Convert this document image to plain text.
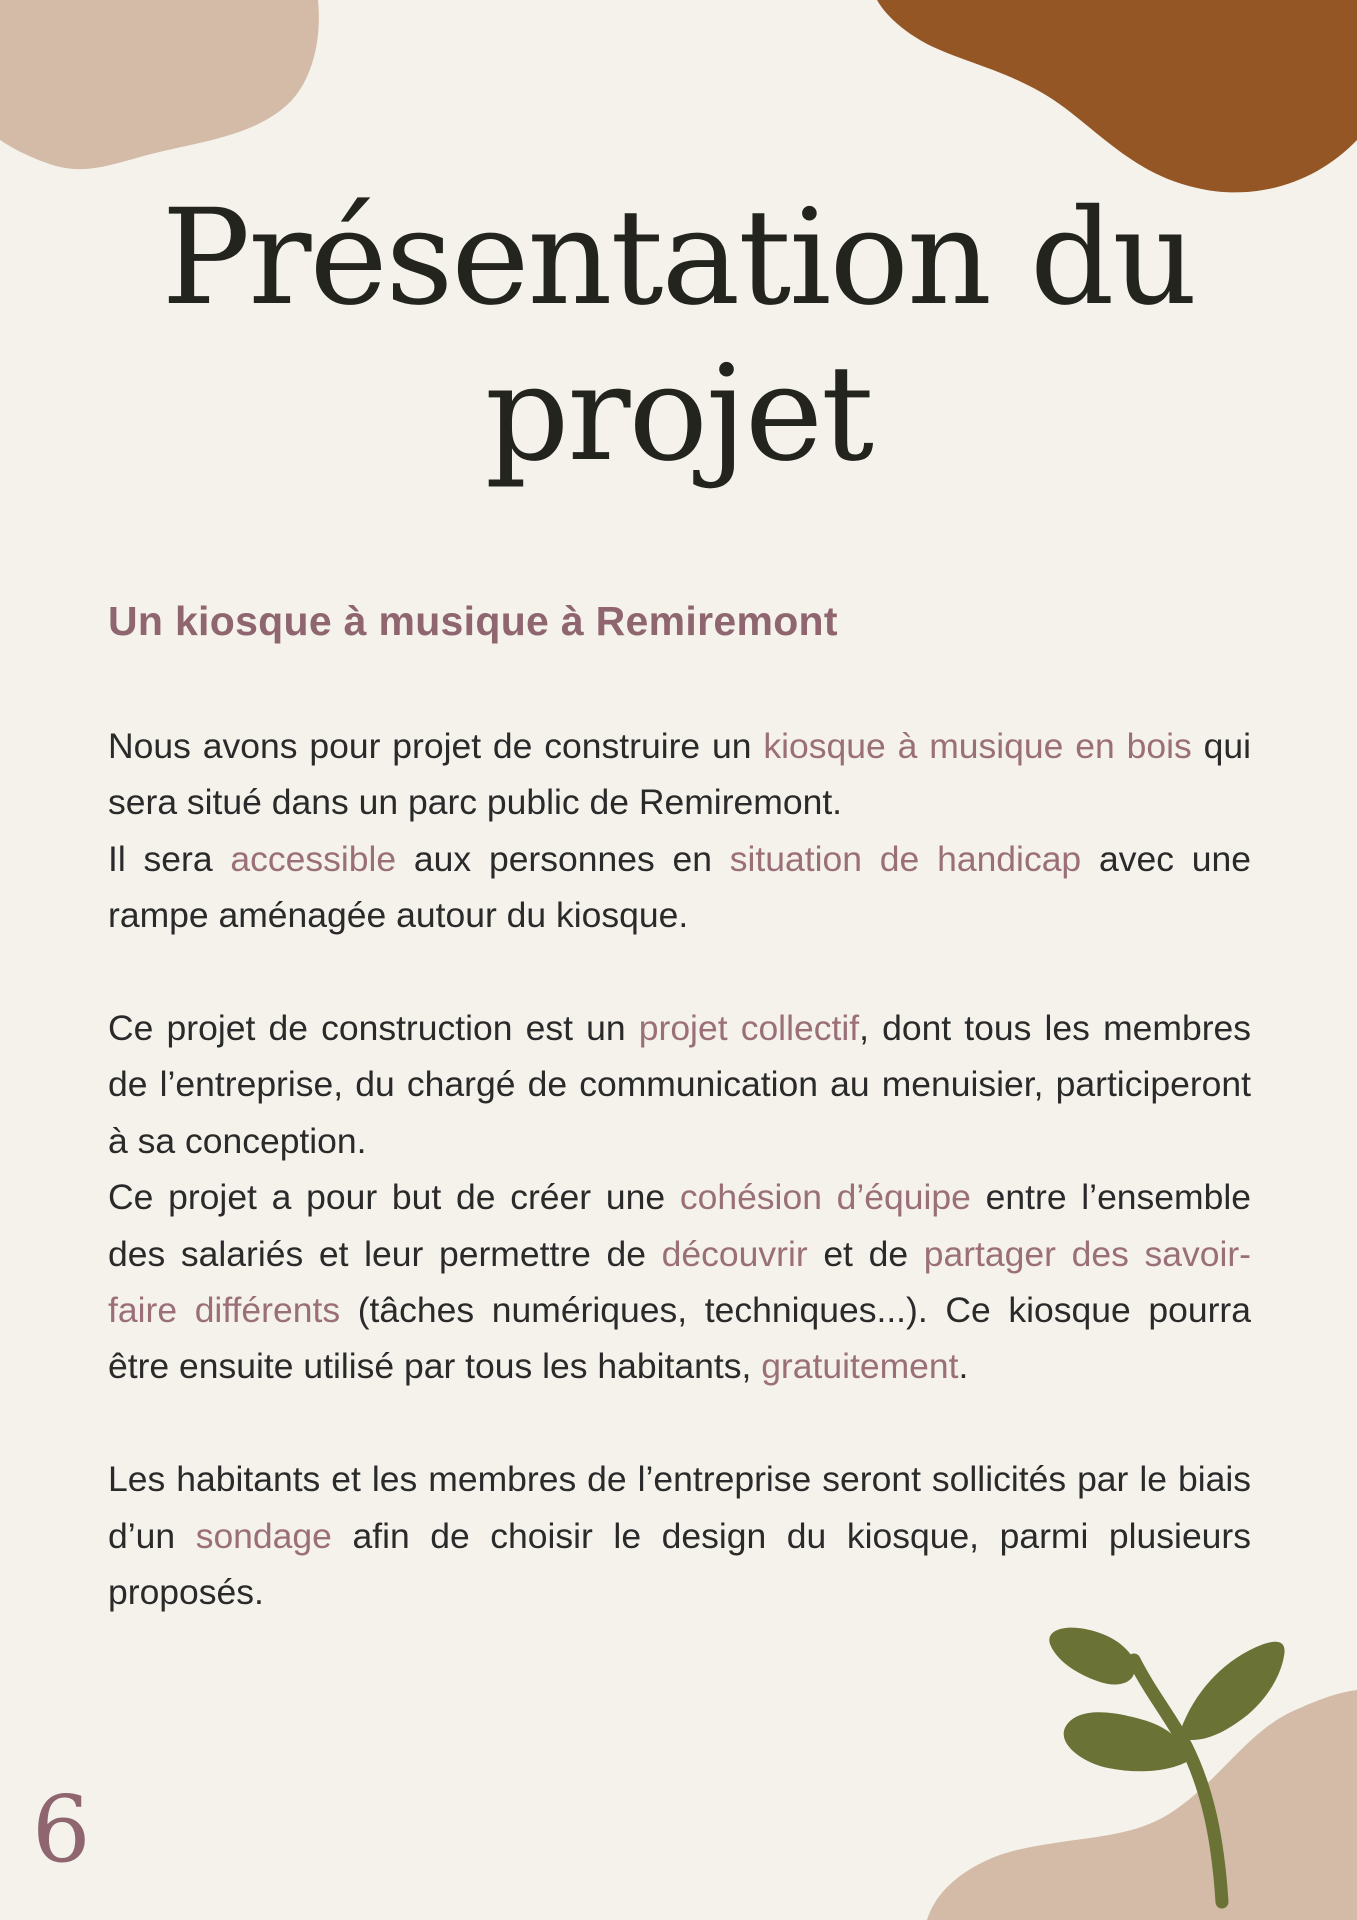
Présentation du
projet
Un kiosque à musique à Remiremont

Nous avons pour projet de construire un kiosque à musique en bois qui sera situé dans un parc public de Remiremont.

Il sera accessible aux personnes en situation de handicap avec une rampe aménagée autour du kiosque.

Ce projet de construction est un projet collectif, dont tous les membres de l’entreprise, du chargé de communication au menuisier, participeront à sa conception.

Ce projet a pour but de créer une cohésion d’équipe entre l’ensemble des salariés et leur permettre de découvrir et de partager des savoir-faire différents (tâches numériques, techniques...). Ce kiosque pourra être ensuite utilisé par tous les habitants, gratuitement.

Les habitants et les membres de l’entreprise seront sollicités par le biais d’un sondage afin de choisir le design du kiosque, parmi plusieurs proposés.

6
